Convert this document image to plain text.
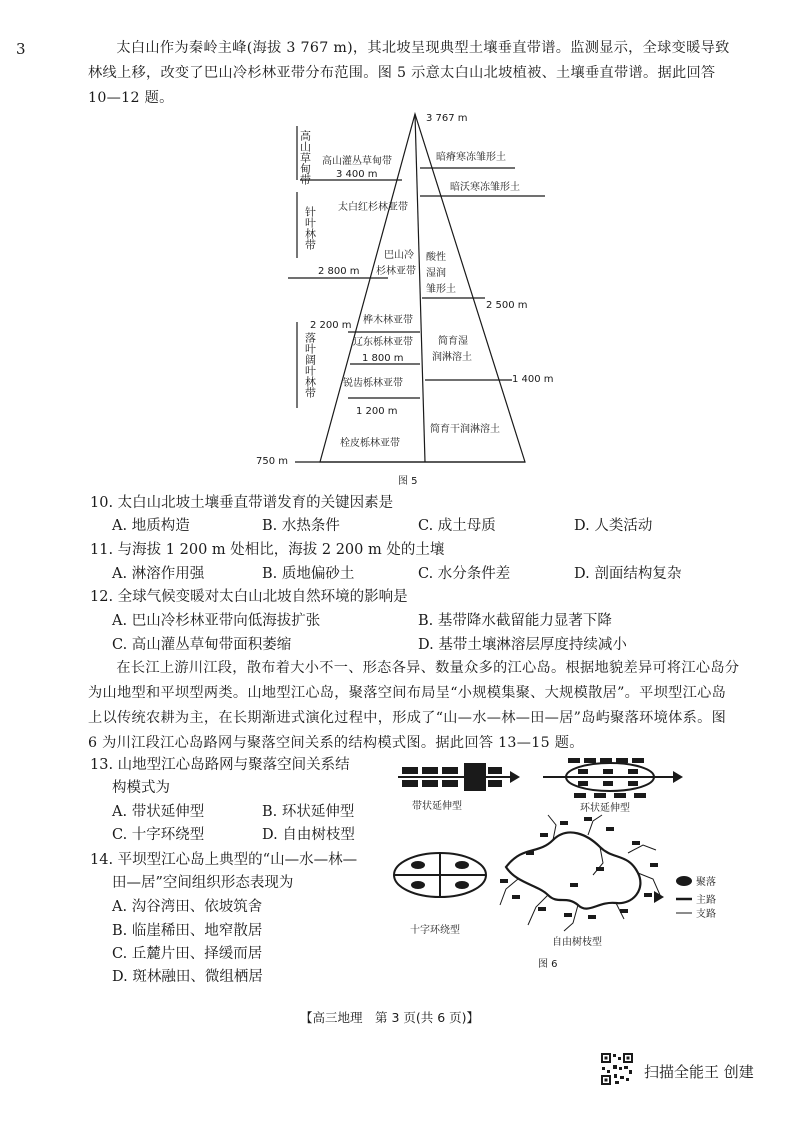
3	太白山作为秦岭主峰(海拔 3 767 m)，其北坡呈现典型土壤垂直带谱。监测显示，全球变暖导致林线上移，改变了巴山冷杉林亚带分布范围。图 5 示意太白山北坡植被、土壤垂直带谱。据此回答 10—12 题。
3 767 m
3 400 m
2 800 m
2 200 m
1 800 m
1 200 m
750 m
2 500 m
1 400 m
高山灌丛草甸带
太白红杉林亚带
巴山冷
杉林亚带
桦木林亚带
辽东栎林亚带
锐齿栎林亚带
栓皮栎林亚带
暗瘠寒冻雏形土
暗沃寒冻雏形土
酸性
湿润
雏形土
简育湿
润淋溶土
简育干润淋溶土
高山草甸带
针叶林带
落叶阔叶林带
图 5
10. 太白山北坡土壤垂直带谱发育的关键因素是
A. 地质构造	B. 水热条件	C. 成土母质	D. 人类活动
11. 与海拔 1 200 m 处相比，海拔 2 200 m 处的土壤
A. 淋溶作用强	B. 质地偏砂土	C. 水分条件差	D. 剖面结构复杂
12. 全球气候变暖对太白山北坡自然环境的影响是
A. 巴山冷杉林亚带向低海拔扩张	B. 基带降水截留能力显著下降
C. 高山灌丛草甸带面积萎缩	D. 基带土壤淋溶层厚度持续减小
在长江上游川江段，散布着大小不一、形态各异、数量众多的江心岛。根据地貌差异可将江心岛分为山地型和平坝型两类。山地型江心岛，聚落空间布局呈“小规模集聚、大规模散居”。平坝型江心岛上以传统农耕为主，在长期渐进式演化过程中，形成了“山—水—林—田—居”岛屿聚落环境体系。图 6 为川江段江心岛路网与聚落空间关系的结构模式图。据此回答 13—15 题。
13. 山地型江心岛路网与聚落空间关系结
构模式为
A. 带状延伸型	B. 环状延伸型
C. 十字环绕型	D. 自由树枝型
14. 平坝型江心岛上典型的“山—水—林—
田—居”空间组织形态表现为
A. 沟谷湾田、依坡筑舍
B. 临崖稀田、地窄散居
C. 丘麓片田、择缓而居
D. 斑林融田、微组栖居
带状延伸型	环状延伸型
十字环绕型
自由树枝型
聚落
主路
支路
图 6
【高三地理　第 3 页(共 6 页)】
扫描全能王 创建
